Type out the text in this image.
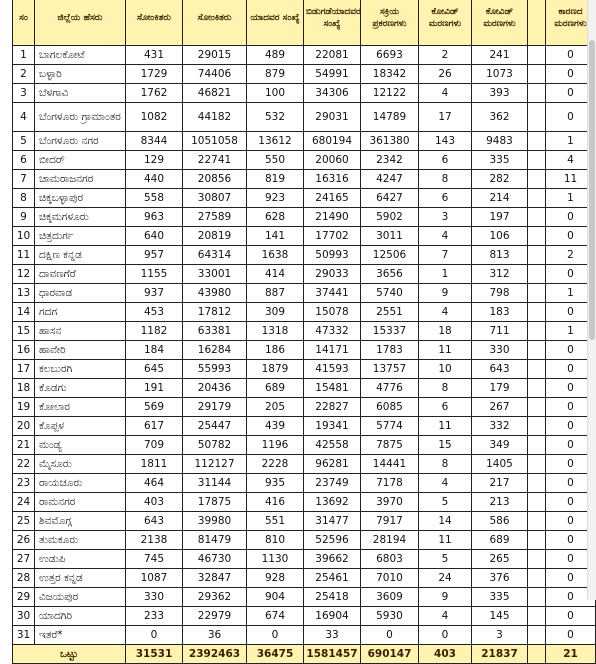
ಸಂ	ಜಿಲ್ಲೆಯ ಹೆಸರು	ಸೋಂಕಿತರು	ಸೋಂಕಿತರು	ಯಾದವರ ಸಂಖ್ಯೆ	ಬಿಡುಗಡೆಯಾದವರ ಸಂಖ್ಯೆ	ಸಕ್ರಿಯ ಪ್ರಕರಣಗಳು	ಕೋವಿಡ್ ಮರಣಗಳು	ಕೋವಿಡ್ ಮರಣಗಳು		ಕಾರಣದ ಮರಣಗಳು
1	ಬಾಗಲಕೋಟೆ	431	29015	489	22081	6693	2	241		0
2	ಬಳ್ಳಾರಿ	1729	74406	879	54991	18342	26	1073		0
3	ಬೆಳಗಾವಿ	1762	46821	100	34306	12122	4	393		0
4	ಬೆಂಗಳೂರು ಗ್ರಾಮಾಂತರ	1082	44182	532	29031	14789	17	362		0
5	ಬೆಂಗಳೂರು ನಗರ	8344	1051058	13612	680194	361380	143	9483		1
6	ಬೀದರ್	129	22741	550	20060	2342	6	335		4
7	ಚಾಮರಾಜನಗರ	440	20856	819	16316	4247	8	282		11
8	ಚಿಕ್ಕಬಳ್ಳಾಪುರ	558	30807	923	24165	6427	6	214		1
9	ಚಿಕ್ಕಮಗಳೂರು	963	27589	628	21490	5902	3	197		0
10	ಚಿತ್ರದುರ್ಗ	640	20819	141	17702	3011	4	106		0
11	ದಕ್ಷಿಣ ಕನ್ನಡ	957	64314	1638	50993	12506	7	813		2
12	ದಾವಣಗೆರೆ	1155	33001	414	29033	3656	1	312		0
13	ಧಾರವಾಡ	937	43980	887	37441	5740	9	798		1
14	ಗದಗ	453	17812	309	15078	2551	4	183		0
15	ಹಾಸನ	1182	63381	1318	47332	15337	18	711		1
16	ಹಾವೇರಿ	184	16284	186	14171	1783	11	330		0
17	ಕಲಬುರಗಿ	645	55993	1879	41593	13757	10	643		0
18	ಕೊಡಗು	191	20436	689	15481	4776	8	179		0
19	ಕೋಲಾರ	569	29179	205	22827	6085	6	267		0
20	ಕೊಪ್ಪಳ	617	25447	439	19341	5774	11	332		0
21	ಮಂಡ್ಯ	709	50782	1196	42558	7875	15	349		0
22	ಮೈಸೂರು	1811	112127	2228	96281	14441	8	1405		0
23	ರಾಯಚೂರು	464	31144	935	23749	7178	4	217		0
24	ರಾಮನಗರ	403	17875	416	13692	3970	5	213		0
25	ಶಿವಮೊಗ್ಗ	643	39980	551	31477	7917	14	586		0
26	ತುಮಕೂರು	2138	81479	810	52596	28194	11	689		0
27	ಉಡುಪಿ	745	46730	1130	39662	6803	5	265		0
28	ಉತ್ತರ ಕನ್ನಡ	1087	32847	928	25461	7010	24	376		0
29	ವಿಜಯಪುರ	330	29362	904	25418	3609	9	335		0
30	ಯಾದಗಿರಿ	233	22979	674	16904	5930	4	145		0
31	ಇತರೆ*	0	36	0	33	0	0	3		0
ಒಟ್ಟು		31531	2392463	36475	1581457	690147	403	21837		21
